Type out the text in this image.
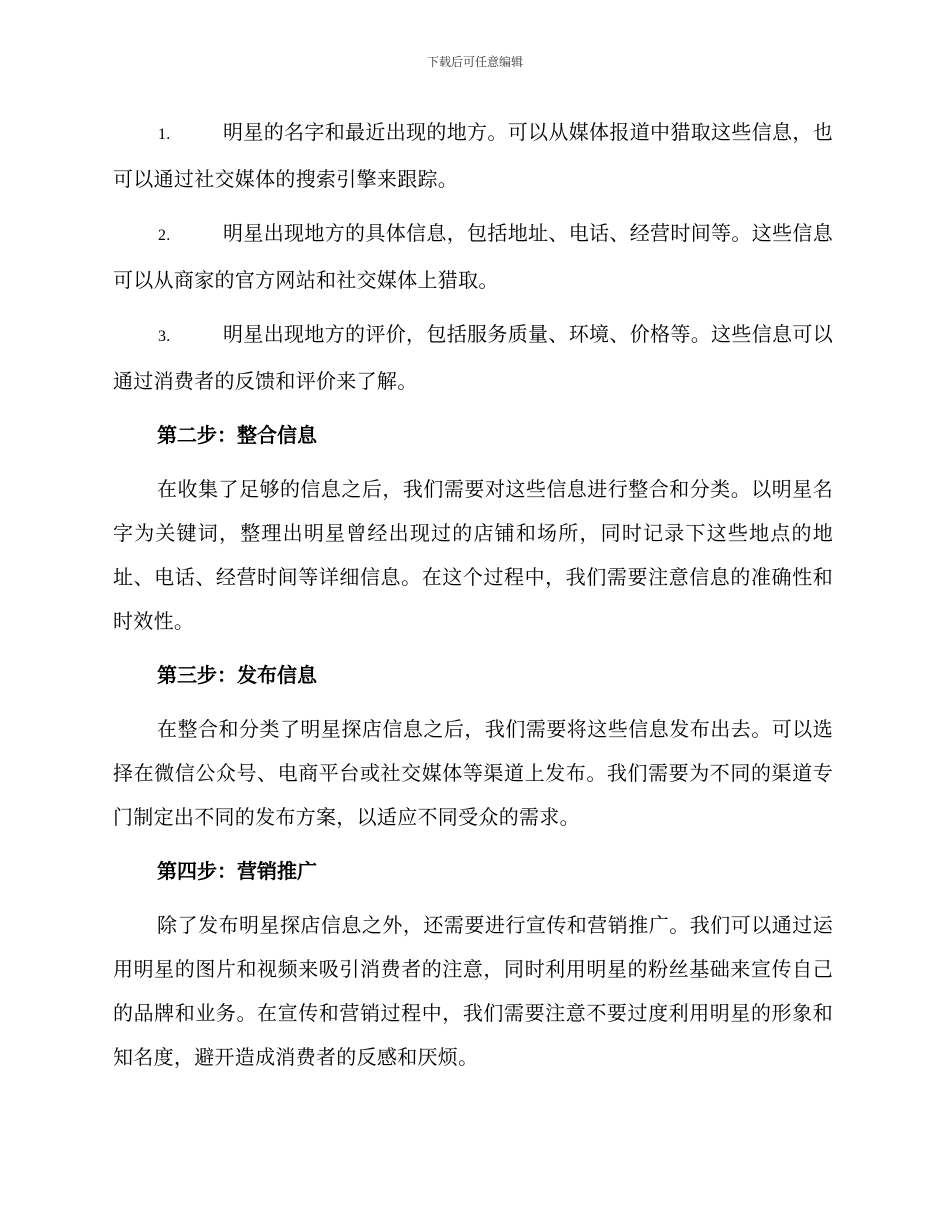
下载后可任意编辑

1.	明星的名字和最近出现的地方。可以从媒体报道中猎取这些信息，也可以通过社交媒体的搜索引擎来跟踪。

2.	明星出现地方的具体信息，包括地址、电话、经营时间等。这些信息可以从商家的官方网站和社交媒体上猎取。

3.	明星出现地方的评价，包括服务质量、环境、价格等。这些信息可以通过消费者的反馈和评价来了解。

第二步：整合信息

在收集了足够的信息之后，我们需要对这些信息进行整合和分类。以明星名字为关键词，整理出明星曾经出现过的店铺和场所，同时记录下这些地点的地址、电话、经营时间等详细信息。在这个过程中，我们需要注意信息的准确性和时效性。

第三步：发布信息

在整合和分类了明星探店信息之后，我们需要将这些信息发布出去。可以选择在微信公众号、电商平台或社交媒体等渠道上发布。我们需要为不同的渠道专门制定出不同的发布方案，以适应不同受众的需求。

第四步：营销推广

除了发布明星探店信息之外，还需要进行宣传和营销推广。我们可以通过运用明星的图片和视频来吸引消费者的注意，同时利用明星的粉丝基础来宣传自己的品牌和业务。在宣传和营销过程中，我们需要注意不要过度利用明星的形象和知名度，避开造成消费者的反感和厌烦。
